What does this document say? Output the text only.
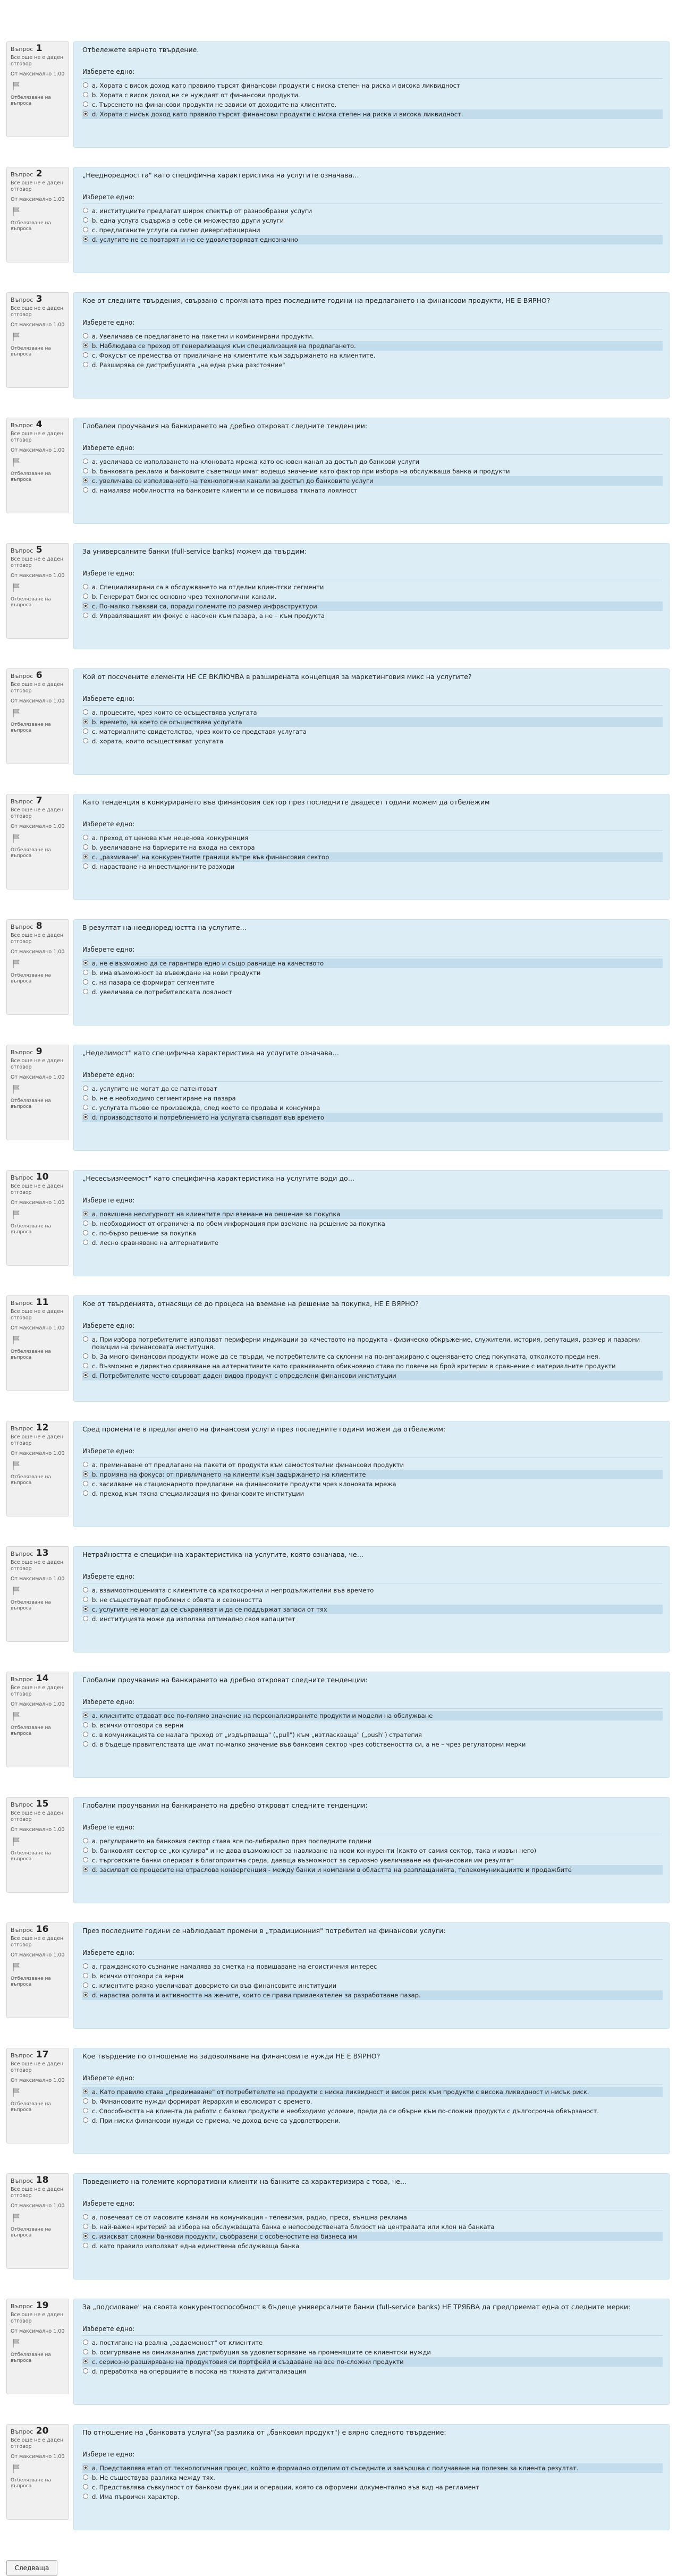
Въпрос 1
Все още не е даден отговор
От максимално 1,00
Отбелязване на въпроса
Отбележете вярното твърдение.
Изберете едно:
a. Хората с висок доход като правило търсят финансови продукти с ниска степен на риска и висока ликвидност
b. Хората с висок доход не се нуждаят от финансови продукти.
c. Търсенето на финансови продукти не зависи от доходите на клиентите.
d. Хората с нисък доход като правило търсят финансови продукти с ниска степен на риска и висока ликвидност.
Въпрос 2
Все още не е даден отговор
От максимално 1,00
Отбелязване на въпроса
„Неедноредността" като специфична характеристика на услугите означава…
Изберете едно:
a. институциите предлагат широк спектър от разнообразни услуги
b. една услуга съдържа в себе си множество други услуги
c. предлаганите услуги са силно диверсифицирани
d. услугите не се повтарят и не се удовлетворяват еднозначно
Въпрос 3
Все още не е даден отговор
От максимално 1,00
Отбелязване на въпроса
Кое от следните твърдения, свързано с промяната през последните години на предлагането на финансови продукти, НЕ Е ВЯРНО?
Изберете едно:
a. Увеличава се предлагането на пакетни и комбинирани продукти.
b. Наблюдава се преход от генерализация към специализация на предлагането.
c. Фокусът се премества от привличане на клиентите към задържането на клиентите.
d. Разширява се дистрибуцията „на една ръка разстояние"
Въпрос 4
Все още не е даден отговор
От максимално 1,00
Отбелязване на въпроса
Глобалеи проучвания на банкирането на дребно откроват следните тенденции:
Изберете едно:
a. увеличава се използването на клоновата мрежа като основен канал за достъп до банкови услуги
b. банковата реклама и банковите съветници имат водещо значение като фактор при избора на обслужваща банка и продукти
c. увеличава се използването на технологични канали за достъп до банковите услуги
d. намалява мобилността на банковите клиенти и се повишава тяхната лоялност
Въпрос 5
Все още не е даден отговор
От максимално 1,00
Отбелязване на въпроса
За универсалните банки (full-service banks) можем да твърдим:
Изберете едно:
a. Специализирани са в обслужването на отделни клиентски сегменти
b. Генерират бизнес основно чрез технологични канали.
c. По-малко гъвкави са, поради големите по размер инфраструктури
d. Управляващият им фокус е насочен към пазара, а не – към продукта
Въпрос 6
Все още не е даден отговор
От максимално 1,00
Отбелязване на въпроса
Кой от посочените елементи НЕ СЕ ВКЛЮЧВА в разширената концепция за маркетинговия микс на услугите?
Изберете едно:
a. процесите, чрез които се осъществява услугата
b. времето, за което се осъществява услугата
c. материалните свидетелства, чрез които се представя услугата
d. хората, които осъществяват услугата
Въпрос 7
Все още не е даден отговор
От максимално 1,00
Отбелязване на въпроса
Като тенденция в конкурирането във финансовия сектор през последните двадесет години можем да отбележим
Изберете едно:
a. преход от ценова към неценова конкуренция
b. увеличаване на бариерите на входа на сектора
c. „размиване" на конкурентните граници вътре във финансовия сектор
d. нарастване на инвестиционните разходи
Въпрос 8
Все още не е даден отговор
От максимално 1,00
Отбелязване на въпроса
В резултат на неедноредността на услугите…
Изберете едно:
a. не е възможно да се гарантира едно и също равнище на качеството
b. има възможност за въвеждане на нови продукти
c. на пазара се формират сегментите
d. увеличава се потребителската лоялност
Въпрос 9
Все още не е даден отговор
От максимално 1,00
Отбелязване на въпроса
„Неделимост" като специфична характеристика на услугите означава…
Изберете едно:
a. услугите не могат да се патентоват
b. не е необходимо сегментиране на пазара
c. услугата първо се произвежда, след което се продава и консумира
d. производството и потреблението на услугата съвпадат във времето
Въпрос 10
Все още не е даден отговор
От максимално 1,00
Отбелязване на въпроса
„Несесъизмеемост" като специфична характеристика на услугите води до…
Изберете едно:
a. повишена несигурност на клиентите при вземане на решение за покупка
b. необходимост от ограничена по обем информация при вземане на решение за покупка
c. по-бързо решение за покупка
d. лесно сравняване на алтернативите
Въпрос 11
Все още не е даден отговор
От максимално 1,00
Отбелязване на въпроса
Кое от твърденията, отнасящи се до процеса на вземане на решение за покупка, НЕ Е ВЯРНО?
Изберете едно:
a. При избора потребителите използват периферни индикации за качеството на продукта - физическо обкръжение, служители, история, репутация, размер и пазарни позиции на финансовата институция.
b. За много финансови продукти може да се твърди, че потребителите са склонни на по-ангажирано с оценяването след покупката, отколкото преди нея.
c. Възможно е директно сравняване на алтернативите като сравняването обикновено става по повече на брой критерии в сравнение с материалните продукти
d. Потребителите често свързват даден видов продукт с определени финансови институции
Въпрос 12
Все още не е даден отговор
От максимално 1,00
Отбелязване на въпроса
Сред промените в предлагането на финансови услуги през последните години можем да отбележим:
Изберете едно:
a. преминаване от предлагане на пакети от продукти към самостоятелни финансови продукти
b. промяна на фокуса: от привличането на клиенти към задържането на клиентите
c. засилване на стационарното предлагане на финансовите продукти чрез клоновата мрежа
d. преход към тясна специализация на финансовите институции
Въпрос 13
Все още не е даден отговор
От максимално 1,00
Отбелязване на въпроса
Нетрайността е специфична характеристика на услугите, която означава, че…
Изберете едно:
a. взаимоотношенията с клиентите са краткосрочни и непродължителни във времето
b. не съществуват проблеми с обвята и сезонността
c. услугите не могат да се съхраняват и да се поддържат запаси от тях
d. институцията може да използва оптимално своя капацитет
Въпрос 14
Все още не е даден отговор
От максимално 1,00
Отбелязване на въпроса
Глобални проучвания на банкирането на дребно откроват следните тенденции:
Изберете едно:
a. клиентите отдават все по-голямо значение на персонализираните продукти и модели на обслужване
b. всички отговори са верни
c. в комуникацията се налага преход от „издърпваща" („pull") към „изтласкваща" („push") стратегия
d. в бъдеще правителствата ще имат по-малко значение във банковия сектор чрез собствеността си, а не – чрез регулаторни мерки
Въпрос 15
Все още не е даден отговор
От максимално 1,00
Отбелязване на въпроса
Глобални проучвания на банкирането на дребно откроват следните тенденции:
Изберете едно:
a. регулирането на банковия сектор става все по-либерално през последните години
b. банковият сектор се „консулира" и не дава възможност за навлизане на нови конкуренти (както от самия сектор, така и извън него)
c. търговските банки оперират в благоприятна среда, даваща възможност за сериозно увеличаване на финансовия им резултат
d. засилват се процесите на отраслова конвергенция - между банки и компании в областта на разплащанията, телекомуникациите и продажбите
Въпрос 16
Все още не е даден отговор
От максимално 1,00
Отбелязване на въпроса
През последните години се наблюдават промени в „традиционния" потребител на финансови услуги:
Изберете едно:
a. гражданското съзнание намалява за сметка на повишаване на егоистичния интерес
b. всички отговори са верни
c. клиентите рязко увеличават доверието си във финансовите институции
d. нараства ролята и активността на жените, които се прави привлекателен за разработване пазар.
Въпрос 17
Все още не е даден отговор
От максимално 1,00
Отбелязване на въпроса
Кое твърдение по отношение на задоволяване на финансовите нужди НЕ Е ВЯРНО?
Изберете едно:
a. Като правило става „предимаване" от потребителите на продукти с ниска ликвидност и висок риск към продукти с висока ликвидност и нисък риск.
b. Финансовите нужди формират йерархия и еволюират с времето.
c. Способността на клиента да работи с базови продукти е необходимо условие, преди да се обърне към по-сложни продукти с дългосрочна обвързаност.
d. При ниски финансови нужди се приема, че доход вече са удовлетворени.
Въпрос 18
Все още не е даден отговор
От максимално 1,00
Отбелязване на въпроса
Поведението на големите корпоративни клиенти на банките са характеризира с това, че…
Изберете едно:
a. повечеват се от масовите канали на комуникация - телевизия, радио, преса, външна реклама
b. най-важен критерий за избора на обслужващата банка е непосредствената близост на централата или клон на банката
c. изискват сложни банкови продукти, съобразени с особеностите на бизнеса им
d. като правило използват една единствена обслужваща банка
Въпрос 19
Все още не е даден отговор
От максимално 1,00
Отбелязване на въпроса
За „подсилване" на своята конкурентоспособност в бъдеще универсалните банки (full-service banks) НЕ ТРЯБВА да предприемат една от следните мерки:
Изберете едно:
a. постигане на реална „задаеменост" от клиентите
b. осигуряване на омниканална дистрибуция за удовлетворяване на променящите се клиентски нужди
c. сериозно разширяване на продуктовия си портфейл и създаване на все по-сложни продукти
d. преработка на операциите в посока на тяхната дигитализация
Въпрос 20
Все още не е даден отговор
От максимално 1,00
Отбелязване на въпроса
По отношение на „банковата услуга"(за разлика от „банковия продукт") е вярно следното твърдение:
Изберете едно:
a. Представлява етап от технологичния процес, който е формално отделим от съседните и завършва с получаване на полезен за клиента резултат.
b. Не съществува разлика между тях.
c. Представлява съвкупност от банкови функции и операции, която са оформени документално във вид на регламент
d. Има първичен характер.
Следваща
